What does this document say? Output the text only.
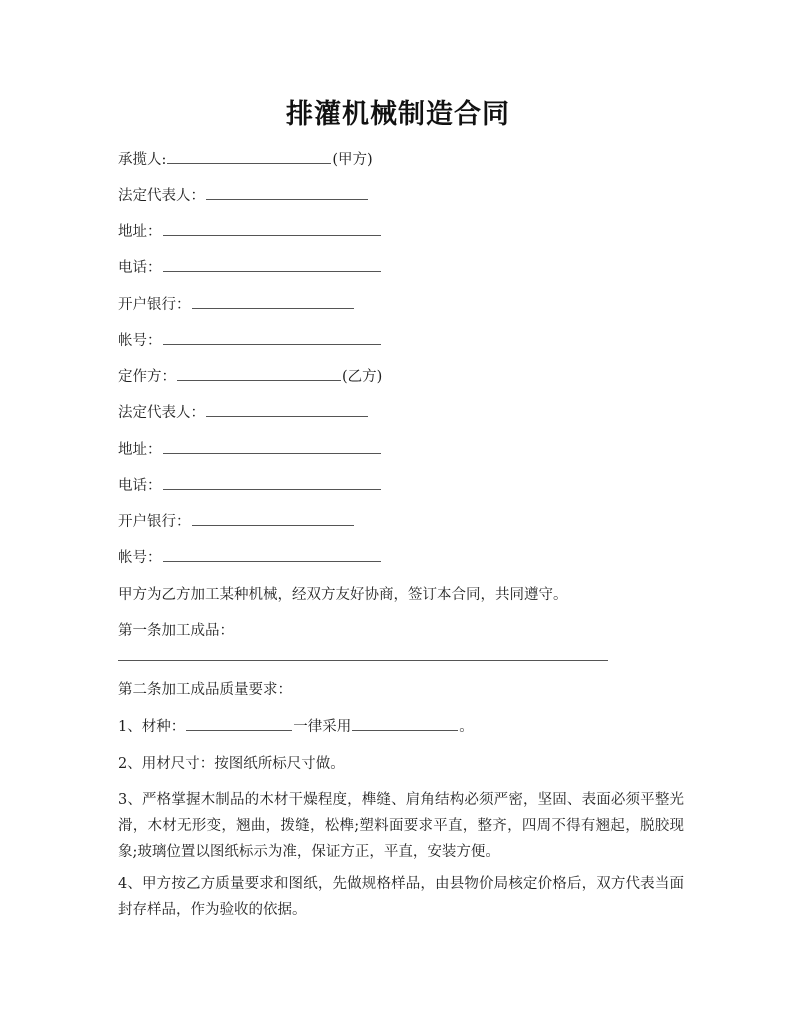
排灌机械制造合同
承揽人:	(甲方)
法定代表人：
地址：
电话：
开户银行：
帐号：
定作方：	(乙方)
法定代表人：
地址：
电话：
开户银行：
帐号：
甲方为乙方加工某种机械，经双方友好协商，签订本合同，共同遵守。
第一条加工成品：
第二条加工成品质量要求：
1、材种：	一律采用	。
2、用材尺寸：按图纸所标尺寸做。
3、严格掌握木制品的木材干燥程度，榫缝、肩角结构必须严密，坚固、表面必须平整光滑，木材无形变，翘曲，拨缝，松榫;塑料面要求平直，整齐，四周不得有翘起，脱胶现象;玻璃位置以图纸标示为准，保证方正，平直，安装方便。
4、甲方按乙方质量要求和图纸，先做规格样品，由县物价局核定价格后，双方代表当面封存样品，作为验收的依据。
